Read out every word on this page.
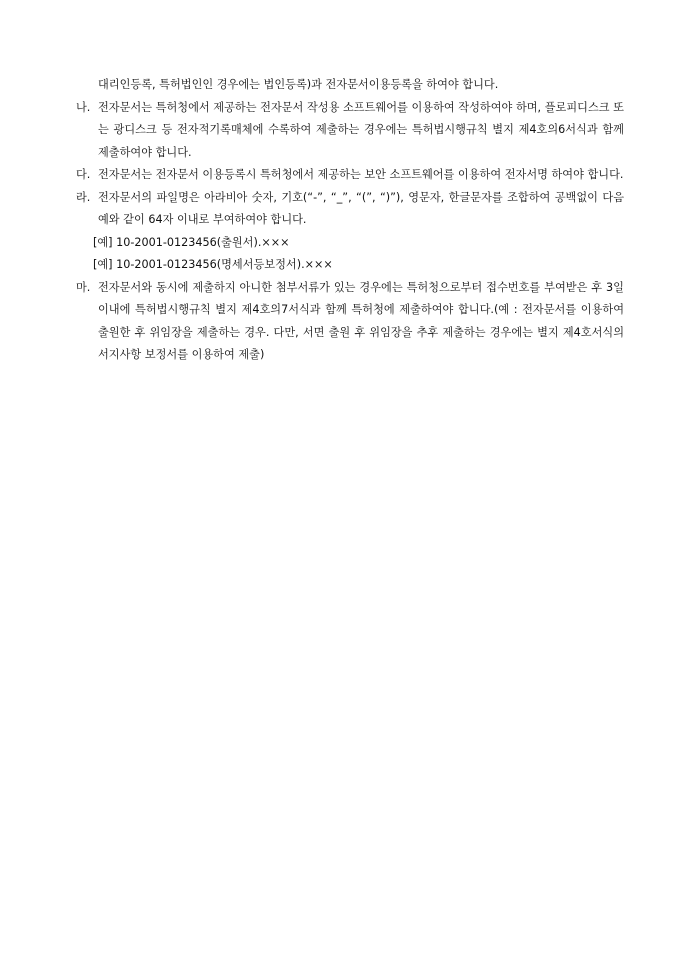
대리인등록, 특허법인인 경우에는 법인등록)과 전자문서이용등록을 하여야 합니다.
나. 전자문서는 특허청에서 제공하는 전자문서 작성용 소프트웨어를 이용하여 작성하여야 하며, 플로피디스크 또는 광디스크 등 전자적기록매체에 수록하여 제출하는 경우에는 특허법시행규칙 별지 제4호의6서식과 함께 제출하여야 합니다.
다. 전자문서는 전자문서 이용등록시 특허청에서 제공하는 보안 소프트웨어를 이용하여 전자서명 하여야 합니다.
라. 전자문서의 파일명은 아라비아 숫자, 기호(“-”, “_”, “(”, “)”), 영문자, 한글문자를 조합하여 공백없이 다음 예와 같이 64자 이내로 부여하여야 합니다.
[예] 10-2001-0123456(출원서).×××
[예] 10-2001-0123456(명세서등보정서).×××
마. 전자문서와 동시에 제출하지 아니한 첨부서류가 있는 경우에는 특허청으로부터 접수번호를 부여받은 후 3일 이내에 특허법시행규칙 별지 제4호의7서식과 함께 특허청에 제출하여야 합니다.(예 : 전자문서를 이용하여 출원한 후 위임장을 제출하는 경우. 다만, 서면 출원 후 위임장을 추후 제출하는 경우에는 별지 제4호서식의 서지사항 보정서를 이용하여 제출)
